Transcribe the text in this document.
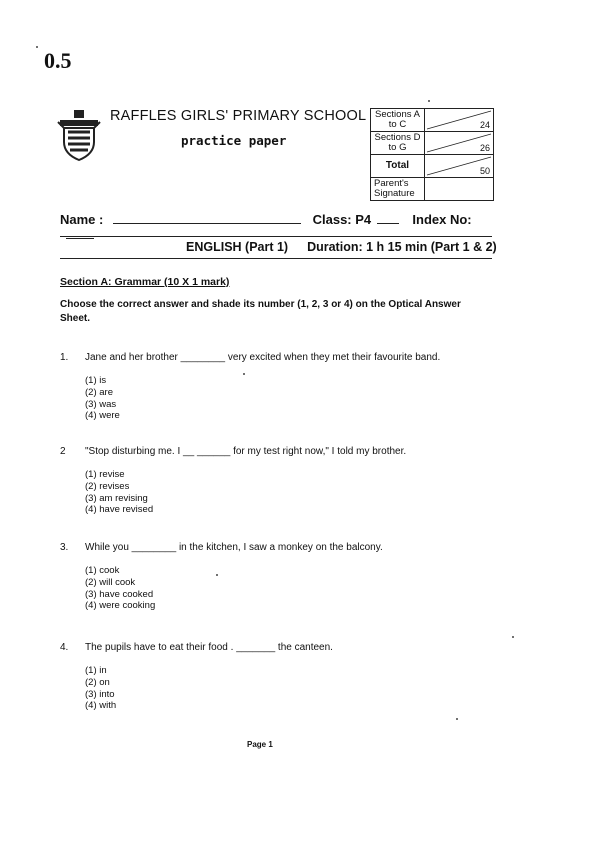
0.5
RAFFLES GIRLS' PRIMARY SCHOOL
practice paper
Sections A to C	24

Sections D to G	26

Total	50

Parent's Signature	
Name :	Class: P4	Index No:
ENGLISH (Part 1) Duration: 1 h 15 min (Part 1 & 2)
Section A: Grammar (10 X 1 mark)
Choose the correct answer and shade its number (1, 2, 3 or 4) on the Optical Answer Sheet.
1. Jane and her brother ________ very excited when they met their favourite band.
(1) is
(2) are
(3) was
(4) were
2 "Stop disturbing me. I __ ______ for my test right now," I told my brother.
(1) revise
(2) revises
(3) am revising
(4) have revised
3. While you ________ in the kitchen, I saw a monkey on the balcony.
(1) cook
(2) will cook
(3) have cooked
(4) were cooking
4. The pupils have to eat their food . _______ the canteen.
(1) in
(2) on
(3) into
(4) with
Page 1
